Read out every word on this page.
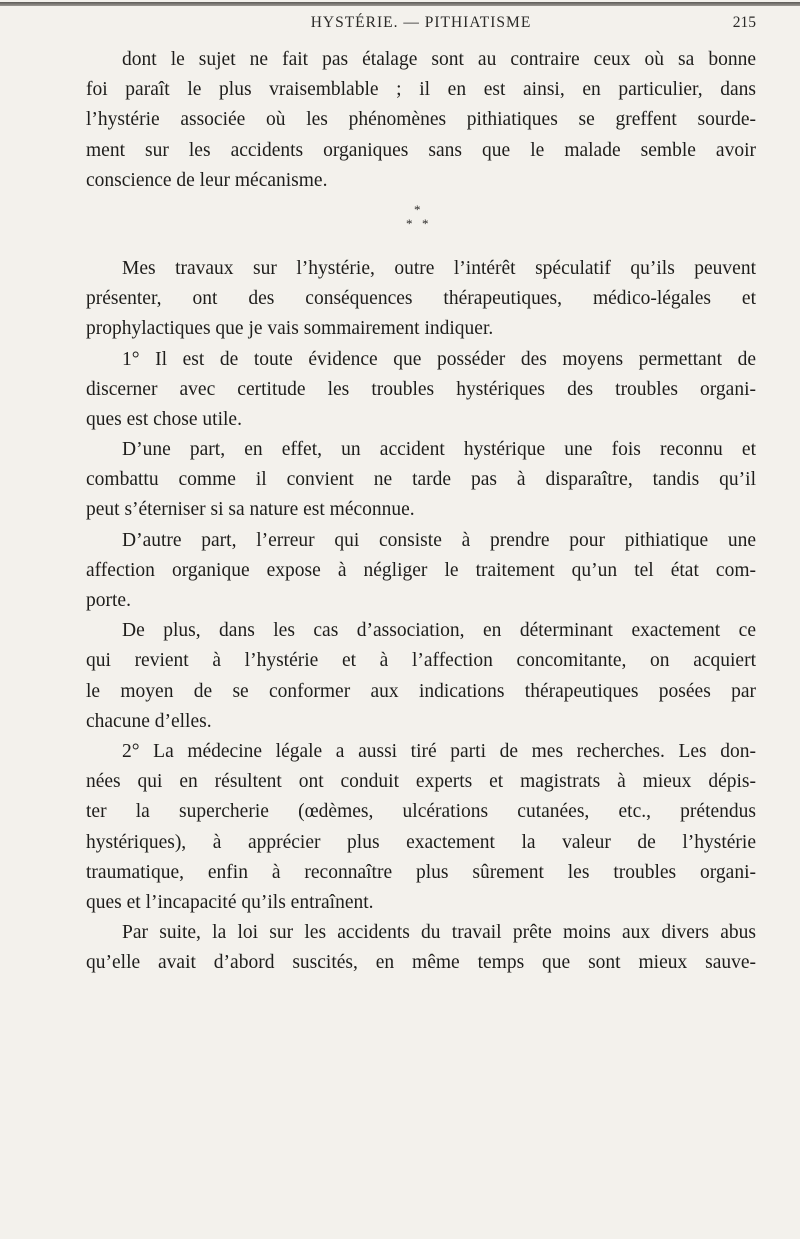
HYSTÉRIE. — PITHIATISME	215
dont le sujet ne fait pas étalage sont au contraire ceux où sa bonne
foi paraît le plus vraisemblable ; il en est ainsi, en particulier, dans
l’hystérie associée où les phénomènes pithiatiques se greffent sourde-
ment sur les accidents organiques sans que le malade semble avoir
conscience de leur mécanisme.
*
* *
Mes travaux sur l’hystérie, outre l’intérêt spéculatif qu’ils peuvent
présenter, ont des conséquences thérapeutiques, médico-légales et
prophylactiques que je vais sommairement indiquer.
1° Il est de toute évidence que posséder des moyens permettant de
discerner avec certitude les troubles hystériques des troubles organi-
ques est chose utile.
D’une part, en effet, un accident hystérique une fois reconnu et
combattu comme il convient ne tarde pas à disparaître, tandis qu’il
peut s’éterniser si sa nature est méconnue.
D’autre part, l’erreur qui consiste à prendre pour pithiatique une
affection organique expose à négliger le traitement qu’un tel état com-
porte.
De plus, dans les cas d’association, en déterminant exactement ce
qui revient à l’hystérie et à l’affection concomitante, on acquiert
le moyen de se conformer aux indications thérapeutiques posées par
chacune d’elles.
2° La médecine légale a aussi tiré parti de mes recherches. Les don-
nées qui en résultent ont conduit experts et magistrats à mieux dépis-
ter la supercherie (œdèmes, ulcérations cutanées, etc., prétendus
hystériques), à apprécier plus exactement la valeur de l’hystérie
traumatique, enfin à reconnaître plus sûrement les troubles organi-
ques et l’incapacité qu’ils entraînent.
Par suite, la loi sur les accidents du travail prête moins aux divers abus
qu’elle avait d’abord suscités, en même temps que sont mieux sauve-
